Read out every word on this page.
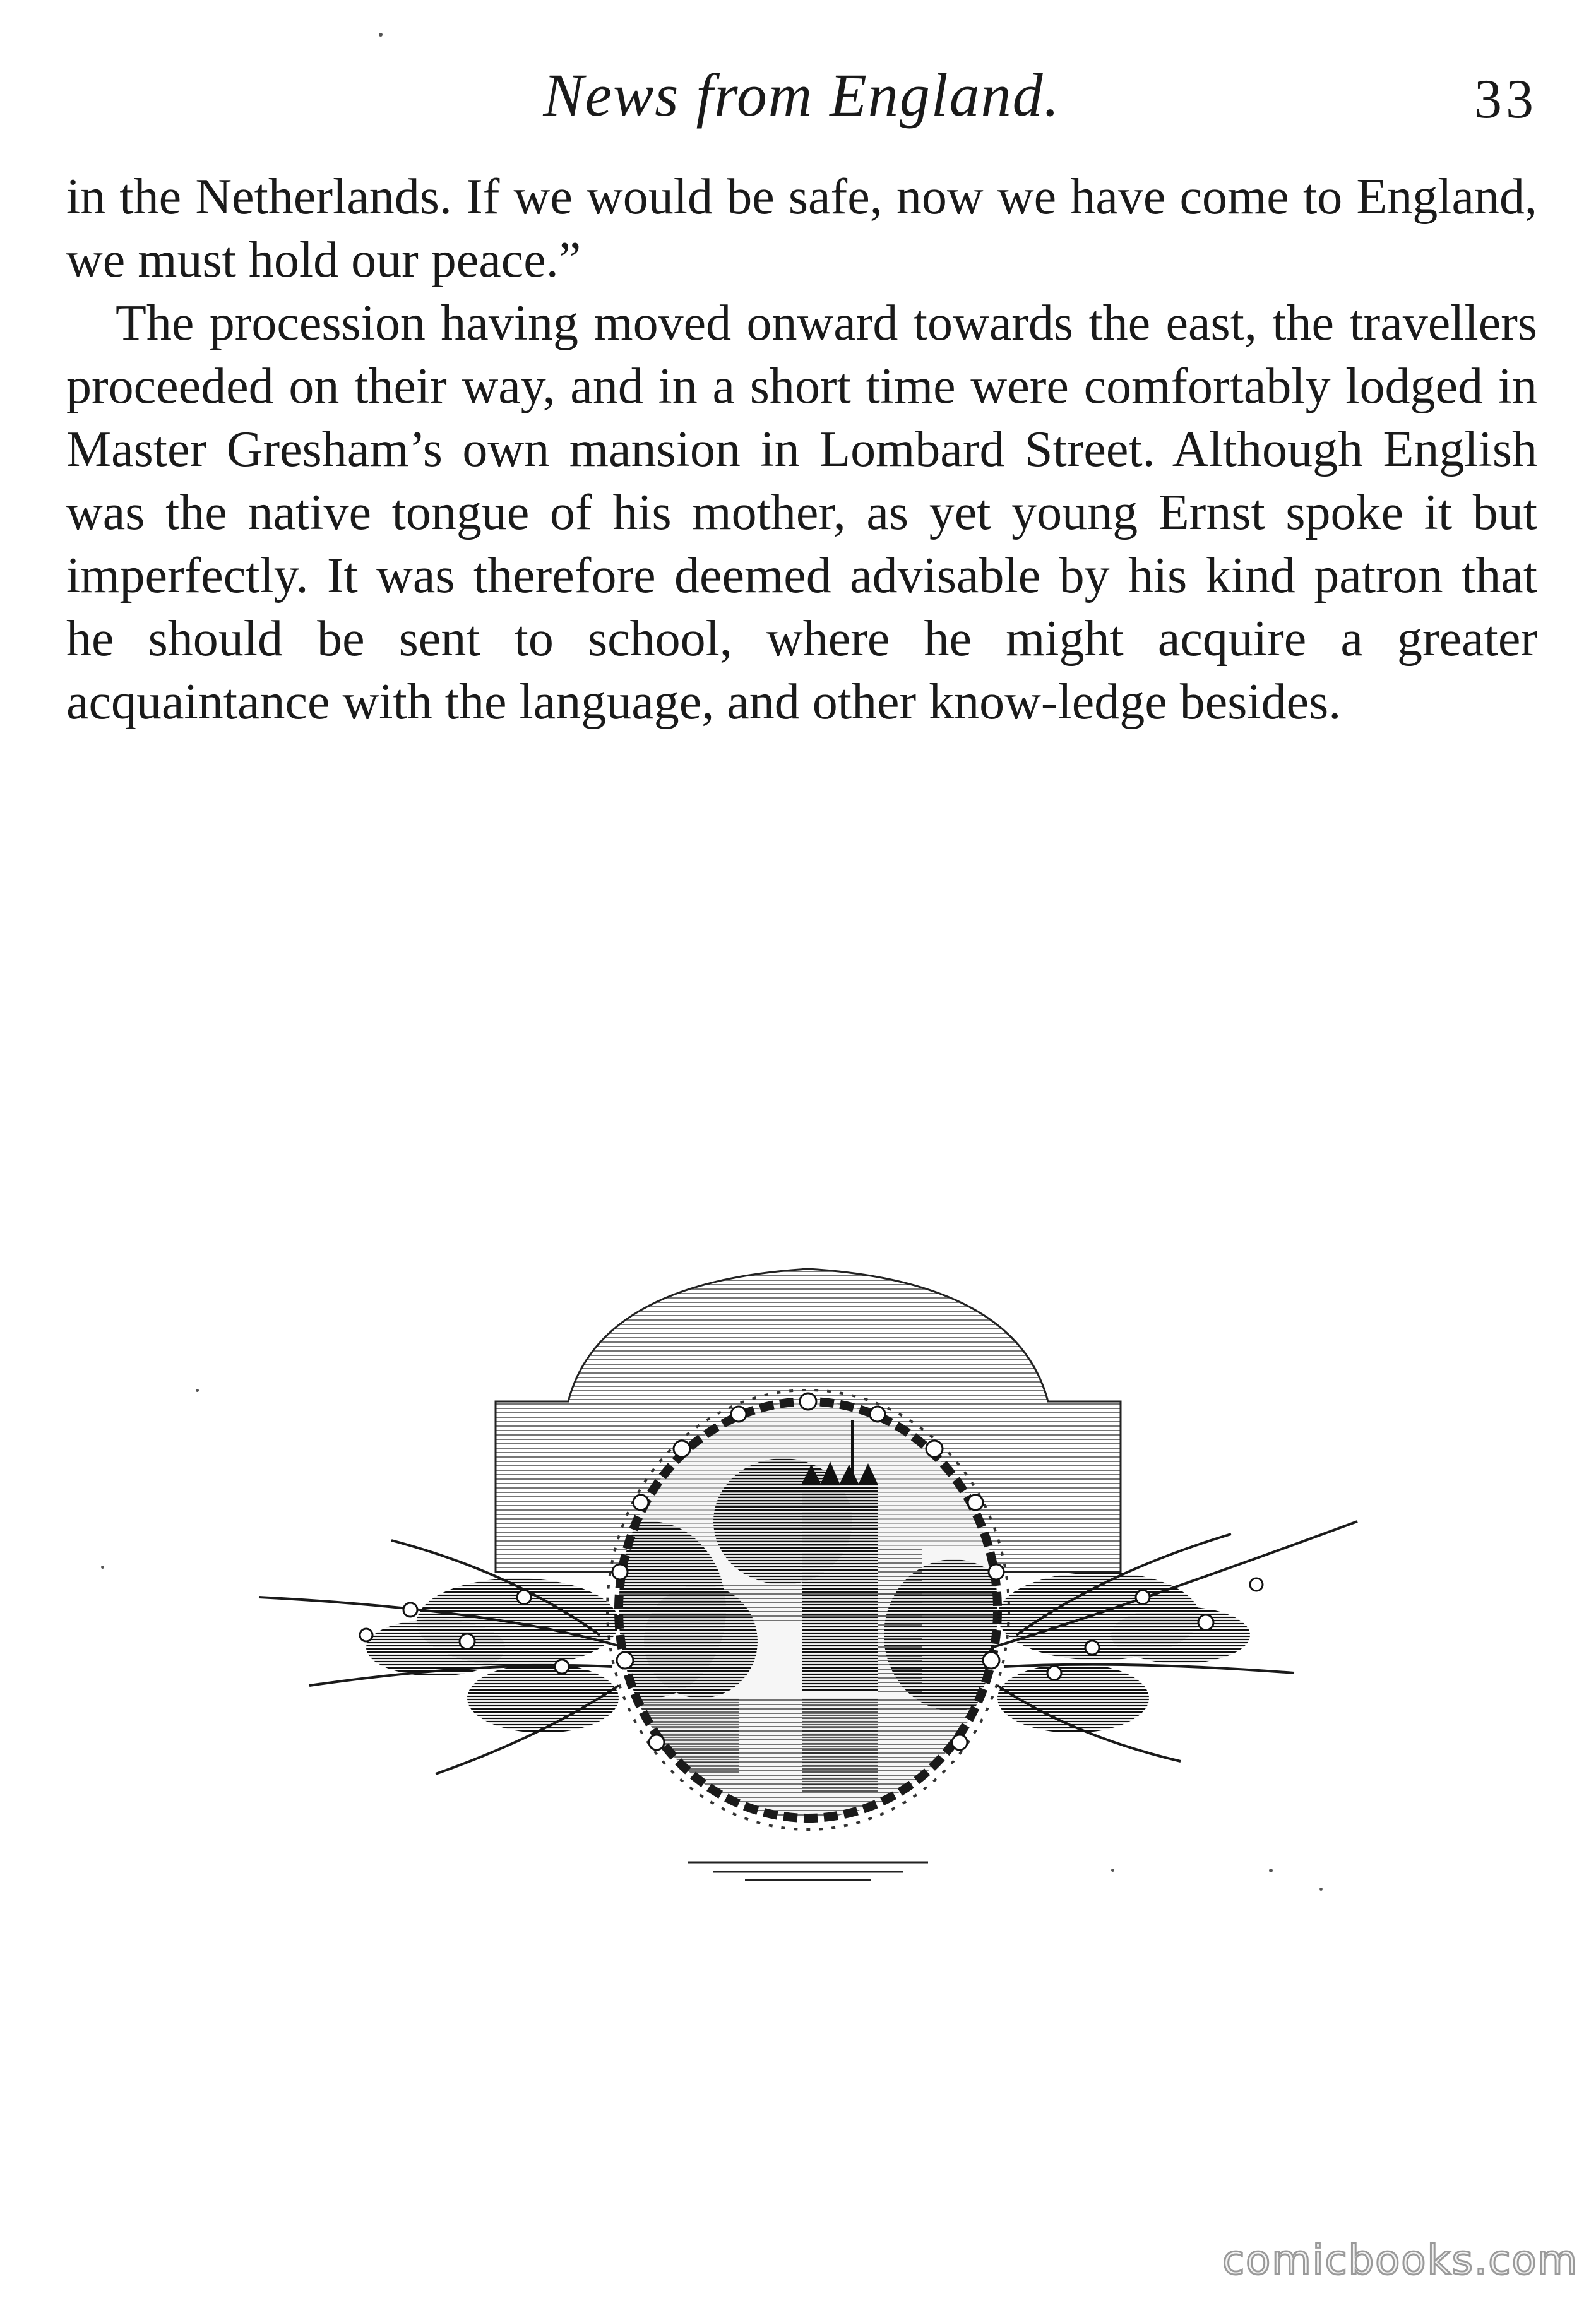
News from England.	33

in the Netherlands. If we would be safe, now we have come to England, we must hold our peace.”

The procession having moved onward towards the east, the travellers proceeded on their way, and in a short time were comfortably lodged in Master Gresham’s own mansion in Lombard Street. Although English was the native tongue of his mother, as yet young Ernst spoke it but imperfectly. It was therefore deemed advisable by his kind patron that he should be sent to school, where he might acquire a greater acquaintance with the language, and other know-ledge besides.

comicbooks.com
